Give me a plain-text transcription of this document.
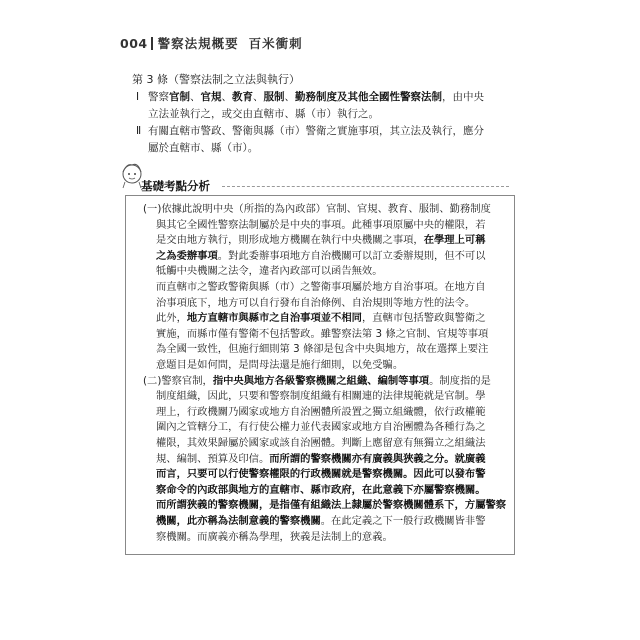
004 警察法規概要 百米衝刺
第 3 條（警察法制之立法與執行）
Ⅰ 警察官制、官規、教育、服制、勤務制度及其他全國性警察法制，由中央
立法並執行之，或交由直轄市、縣（市）執行之。
Ⅱ 有關直轄市警政、警衛與縣（市）警衛之實施事項，其立法及執行，應分
屬於直轄市、縣（市）。
基礎考點分析
(一)依據此說明中央（所指的為內政部）官制、官規、教育、服制、勤務制度
與其它全國性警察法制屬於是中央的事項。此種事項原屬中央的權限，若
是交由地方執行，則形成地方機關在執行中央機關之事項，在學理上可稱
之為委辦事項。對此委辦事項地方自治機關可以訂立委辦規則，但不可以
牴觸中央機關之法令，違者內政部可以函告無效。
而直轄市之警政警衛與縣（市）之警衛事項屬於地方自治事項。在地方自
治事項底下，地方可以自行發布自治條例、自治規則等地方性的法令。
此外，地方直轄市與縣市之自治事項並不相同，直轄市包括警政與警衛之
實施，而縣市僅有警衛不包括警政。雖警察法第 3 條之官制、官規等事項
為全國一致性，但施行細則第 3 條卻是包含中央與地方，故在選擇上要注
意題目是如何問，是問母法還是施行細則，以免受騙。
(二)警察官制，指中央與地方各級警察機關之組織、編制等事項。制度指的是
制度組織，因此，只要和警察制度組織有相關連的法律規範就是官制。學
理上，行政機關乃國家或地方自治團體所設置之獨立組織體，依行政權範
圍內之管轄分工，有行使公權力並代表國家或地方自治團體為各種行為之
權限，其效果歸屬於國家或該自治團體。判斷上應留意有無獨立之組織法
規、編制、預算及印信。而所謂的警察機關亦有廣義與狹義之分。就廣義
而言，只要可以行使警察權限的行政機關就是警察機關。因此可以發布警
察命令的內政部與地方的直轄市、縣市政府，在此意義下亦屬警察機關。
而所謂狹義的警察機關，是指僅有組織法上隸屬於警察機關體系下，方屬警察
機關，此亦稱為法制意義的警察機關。在此定義之下一般行政機關皆非警
察機關。而廣義亦稱為學理，狹義是法制上的意義。
